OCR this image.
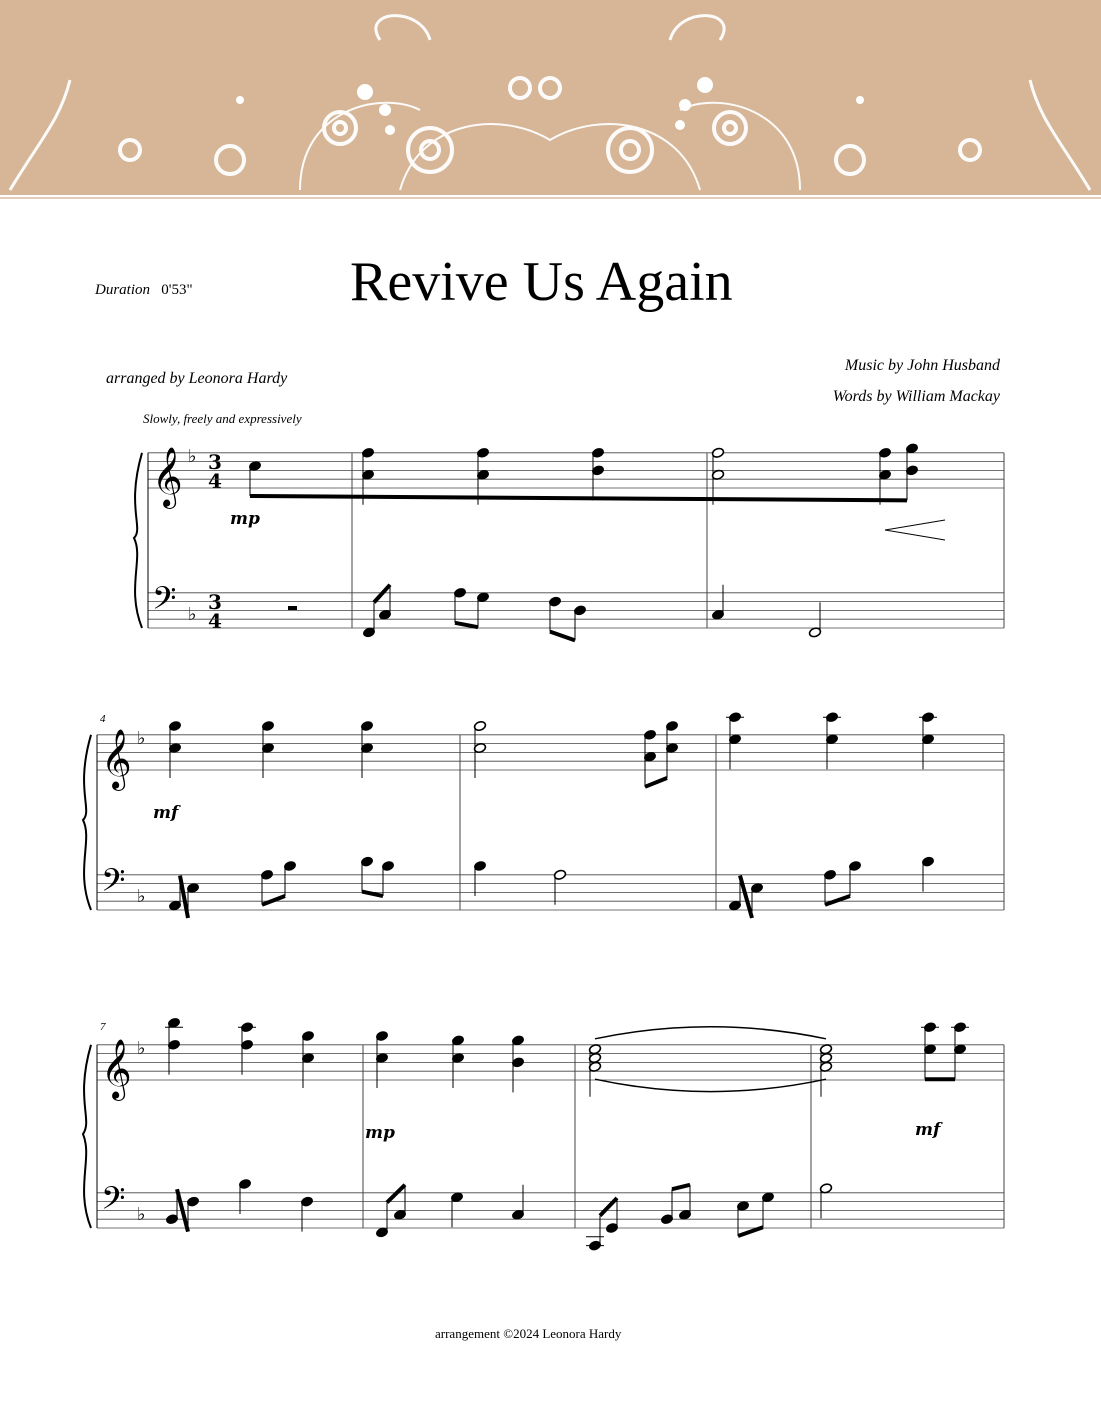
Revive Us Again
Duration 0'53"
arranged by Leonora Hardy
Music by John Husband
Words by William Mackay
Slowly, freely and expressively
arrangement ©2024 Leonora Hardy
mp
mf
mp	mf
4
7
3
4
3
4
𝄞 ♭
𝄢 ♭
𝄞 ♭
𝄢 ♭
𝄞 ♭
𝄢 ♭
